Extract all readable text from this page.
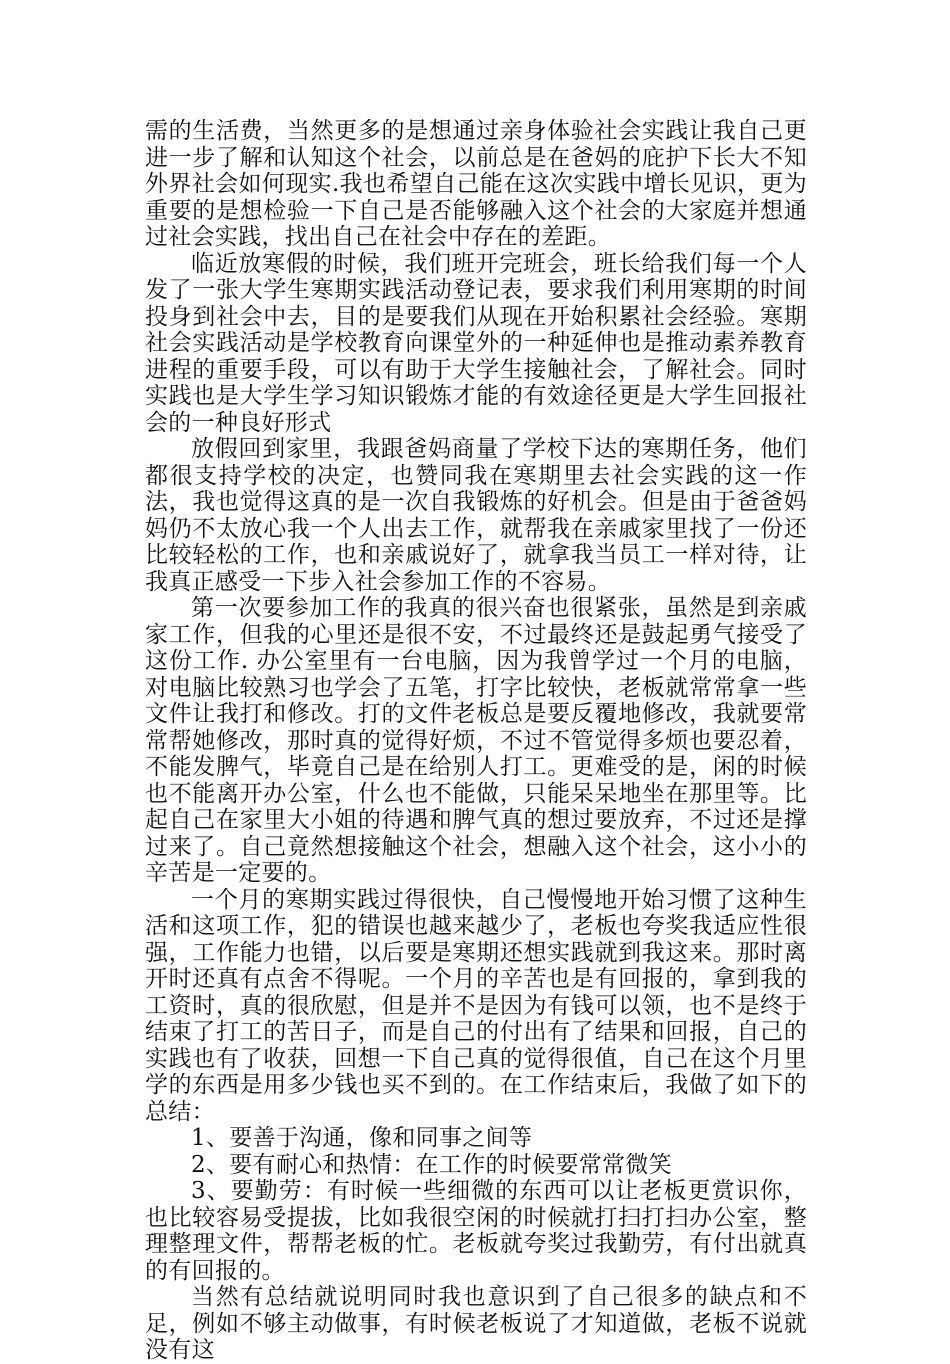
需的生活费，当然更多的是想通过亲身体验社会实践让我自己更进一步了解和认知这个社会，以前总是在爸妈的庇护下长大不知外界社会如何现实.我也希望自己能在这次实践中增长见识，更为重要的是想检验一下自己是否能够融入这个社会的大家庭并想通过社会实践，找出自己在社会中存在的差距。

临近放寒假的时候，我们班开完班会，班长给我们每一个人发了一张大学生寒期实践活动登记表，要求我们利用寒期的时间投身到社会中去，目的是要我们从现在开始积累社会经验。寒期社会实践活动是学校教育向课堂外的一种延伸也是推动素养教育进程的重要手段，可以有助于大学生接触社会，了解社会。同时实践也是大学生学习知识锻炼才能的有效途径更是大学生回报社会的一种良好形式

放假回到家里，我跟爸妈商量了学校下达的寒期任务，他们都很支持学校的决定，也赞同我在寒期里去社会实践的这一作法，我也觉得这真的是一次自我锻炼的好机会。但是由于爸爸妈妈仍不太放心我一个人出去工作，就帮我在亲戚家里找了一份还比较轻松的工作，也和亲戚说好了，就拿我当员工一样对待，让我真正感受一下步入社会参加工作的不容易。

第一次要参加工作的我真的很兴奋也很紧张，虽然是到亲戚家工作，但我的心里还是很不安，不过最终还是鼓起勇气接受了这份工作. 办公室里有一台电脑，因为我曾学过一个月的电脑，对电脑比较熟习也学会了五笔，打字比较快，老板就常常拿一些文件让我打和修改。打的文件老板总是要反覆地修改，我就要常常帮她修改，那时真的觉得好烦，不过不管觉得多烦也要忍着，不能发脾气，毕竟自己是在给别人打工。更难受的是，闲的时候也不能离开办公室，什么也不能做，只能呆呆地坐在那里等。比起自己在家里大小姐的待遇和脾气真的想过要放弃，不过还是撑过来了。自己竟然想接触这个社会，想融入这个社会，这小小的辛苦是一定要的。

一个月的寒期实践过得很快，自己慢慢地开始习惯了这种生活和这项工作，犯的错误也越来越少了，老板也夸奖我适应性很强，工作能力也错，以后要是寒期还想实践就到我这来。那时离开时还真有点舍不得呢。一个月的辛苦也是有回报的，拿到我的工资时，真的很欣慰，但是并不是因为有钱可以领，也不是终于结束了打工的苦日子，而是自己的付出有了结果和回报，自己的实践也有了收获，回想一下自己真的觉得很值，自己在这个月里学的东西是用多少钱也买不到的。在工作结束后，我做了如下的总结：

1、要善于沟通，像和同事之间等

2、要有耐心和热情：在工作的时候要常常微笑

3、要勤劳：有时候一些细微的东西可以让老板更赏识你，也比较容易受提拔，比如我很空闲的时候就打扫打扫办公室，整理整理文件，帮帮老板的忙。老板就夸奖过我勤劳，有付出就真的有回报的。

当然有总结就说明同时我也意识到了自己很多的缺点和不足，例如不够主动做事，有时候老板说了才知道做，老板不说就没有这
